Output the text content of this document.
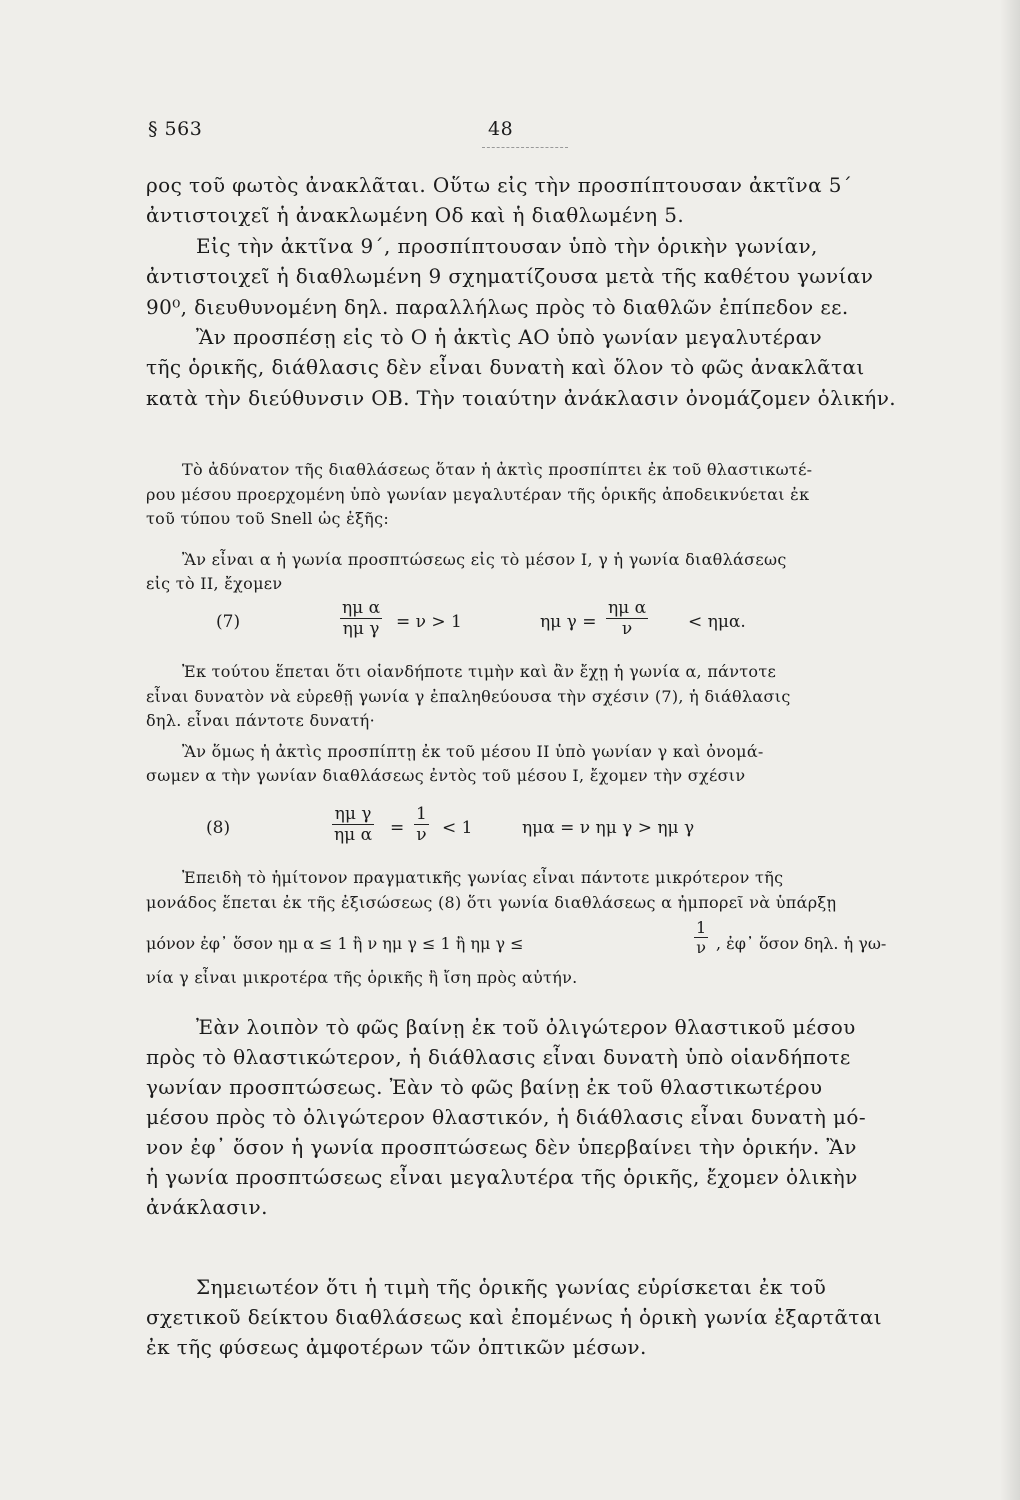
§ 563	48

ρος τοῦ φωτὸς ἀνακλᾶται. Οὕτω εἰς τὴν προσπίπτουσαν ἀκτῖνα 5΄
ἀντιστοιχεῖ ἡ ἀνακλωμένη Οδ καὶ ἡ διαθλωμένη 5.

Εἰς τὴν ἀκτῖνα 9΄, προσπίπτουσαν ὑπὸ τὴν ὁρικὴν γωνίαν,

ἀντιστοιχεῖ ἡ διαθλωμένη 9 σχηματίζουσα μετὰ τῆς καθέτου γωνίαν
90⁰, διευθυνομένη δηλ. παραλλήλως πρὸς τὸ διαθλῶν ἐπίπεδον εε.

Ἂν προσπέσῃ εἰς τὸ Ο ἡ ἀκτὶς ΑΟ ὑπὸ γωνίαν μεγαλυτέραν

τῆς ὁρικῆς, διάθλασις δὲν εἶναι δυνατὴ καὶ ὅλον τὸ φῶς ἀνακλᾶται
κατὰ τὴν διεύθυνσιν ΟΒ. Τὴν τοιαύτην ἀνάκλασιν ὀνομάζομεν ὁλικήν.

Τὸ ἀδύνατον τῆς διαθλάσεως ὅταν ἡ ἀκτὶς προσπίπτει ἐκ τοῦ θλαστικωτέ-
ρου μέσου προερχομένη ὑπὸ γωνίαν μεγαλυτέραν τῆς ὁρικῆς ἀποδεικνύεται ἐκ
τοῦ τύπου τοῦ Snell ὡς ἑξῆς:
Ἂν εἶναι α ἡ γωνία προσπτώσεως εἰς τὸ μέσον Ι, γ ἡ γωνία διαθλάσεως
εἰς τὸ ΙΙ, ἔχομεν
(7)	$\frac{\text{ημ α}}{\text{ημ γ}} = \nu > 1$	ημ $\gamma = \frac{\text{ημ α}}{\nu} < \eta\mu\alpha$.
Ἐκ τούτου ἕπεται ὅτι οἱανδήποτε τιμὴν καὶ ἂν ἔχῃ ἡ γωνία α, πάντοτε
εἶναι δυνατὸν νὰ εὑρεθῇ γωνία γ ἐπαληθεύουσα τὴν σχέσιν (7), ἡ διάθλασις
δηλ. εἶναι πάντοτε δυνατή·
Ἂν ὅμως ἡ ἀκτὶς προσπίπτῃ ἐκ τοῦ μέσου ΙΙ ὑπὸ γωνίαν γ καὶ ὀνομά-
σωμεν α τὴν γωνίαν διαθλάσεως ἐντὸς τοῦ μέσου Ι, ἔχομεν τὴν σχέσιν
(8)	$\frac{\text{ημ γ}}{\text{ημ α}} = \frac{1}{\nu} < 1$	ημα = ν ημ γ > ημ γ
Ἐπειδὴ τὸ ἡμίτονον πραγματικῆς γωνίας εἶναι πάντοτε μικρότερον τῆς
μονάδος ἕπεται ἐκ τῆς ἐξισώσεως (8) ὅτι γωνία διαθλάσεως α ἠμπορεῖ νὰ ὑπάρξῃ
μόνον ἐφ᾽ ὅσον ημ α ≤ 1 ἢ ν ημ γ ≤ 1 ἢ ημ γ ≤	$\frac{1}{\nu}$ , ἐφ᾽ ὅσον δηλ. ἡ γω-
νία γ εἶναι μικροτέρα τῆς ὁρικῆς ἢ ἴση πρὸς αὐτήν.
Ἐὰν λοιπὸν τὸ φῶς βαίνῃ ἐκ τοῦ ὀλιγώτερον θλαστικοῦ μέσου
πρὸς τὸ θλαστικώτερον, ἡ διάθλασις εἶναι δυνατὴ ὑπὸ οἱανδήποτε
γωνίαν προσπτώσεως. Ἐὰν τὸ φῶς βαίνῃ ἐκ τοῦ θλαστικωτέρου
μέσου πρὸς τὸ ὀλιγώτερον θλαστικόν, ἡ διάθλασις εἶναι δυνατὴ μό-
νον ἐφ᾽ ὅσον ἡ γωνία προσπτώσεως δὲν ὑπερβαίνει τὴν ὁρικήν. Ἂν
ἡ γωνία προσπτώσεως εἶναι μεγαλυτέρα τῆς ὁρικῆς, ἔχομεν ὁλικὴν
ἀνάκλασιν.
Σημειωτέον ὅτι ἡ τιμὴ τῆς ὁρικῆς γωνίας εὑρίσκεται ἐκ τοῦ
σχετικοῦ δείκτου διαθλάσεως καὶ ἐπομένως ἡ ὁρικὴ γωνία ἐξαρτᾶται
ἐκ τῆς φύσεως ἀμφοτέρων τῶν ὀπτικῶν μέσων.
